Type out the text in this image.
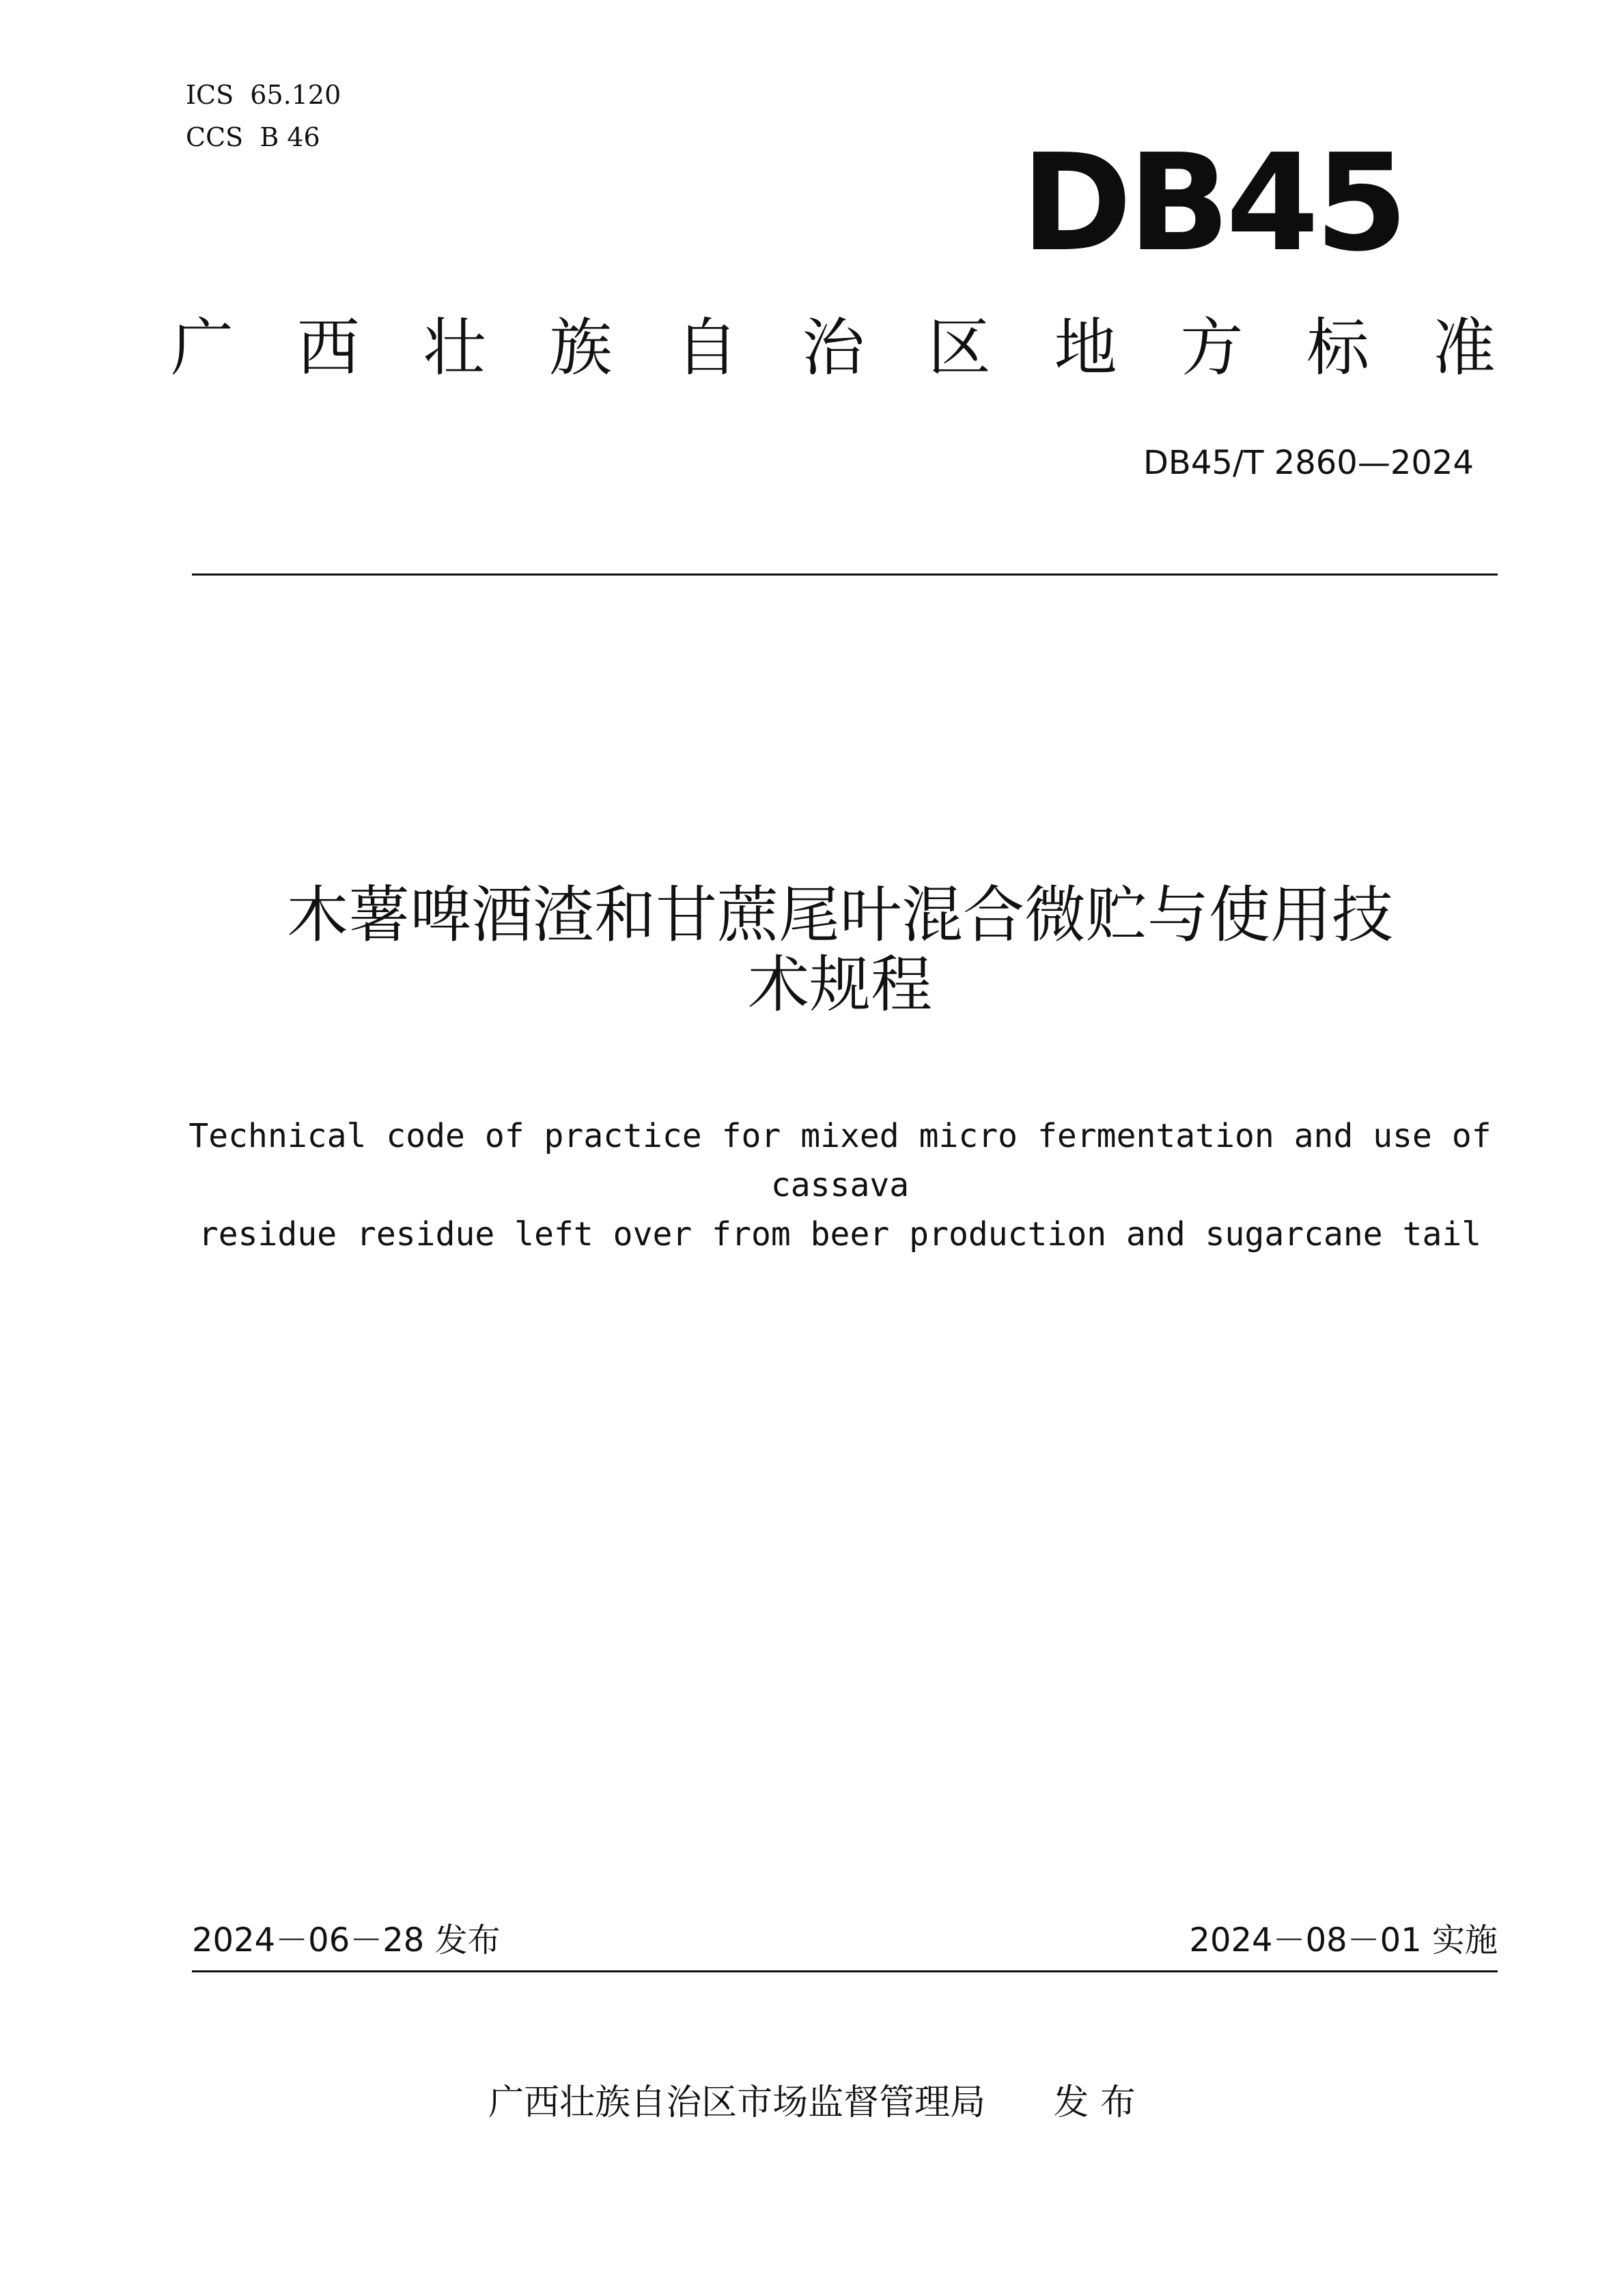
ICS  65.120
CCS  B 46	DB45
广西壮族自治区地方标准
DB45/T 2860—2024
木薯啤酒渣和甘蔗尾叶混合微贮与使用技
术规程
Technical code of practice for mixed micro fermentation and use of cassava
residue residue left over from beer production and sugarcane tail
2024－06－28 发布	2024－08－01 实施
广西壮族自治区市场监督管理局 发 布
